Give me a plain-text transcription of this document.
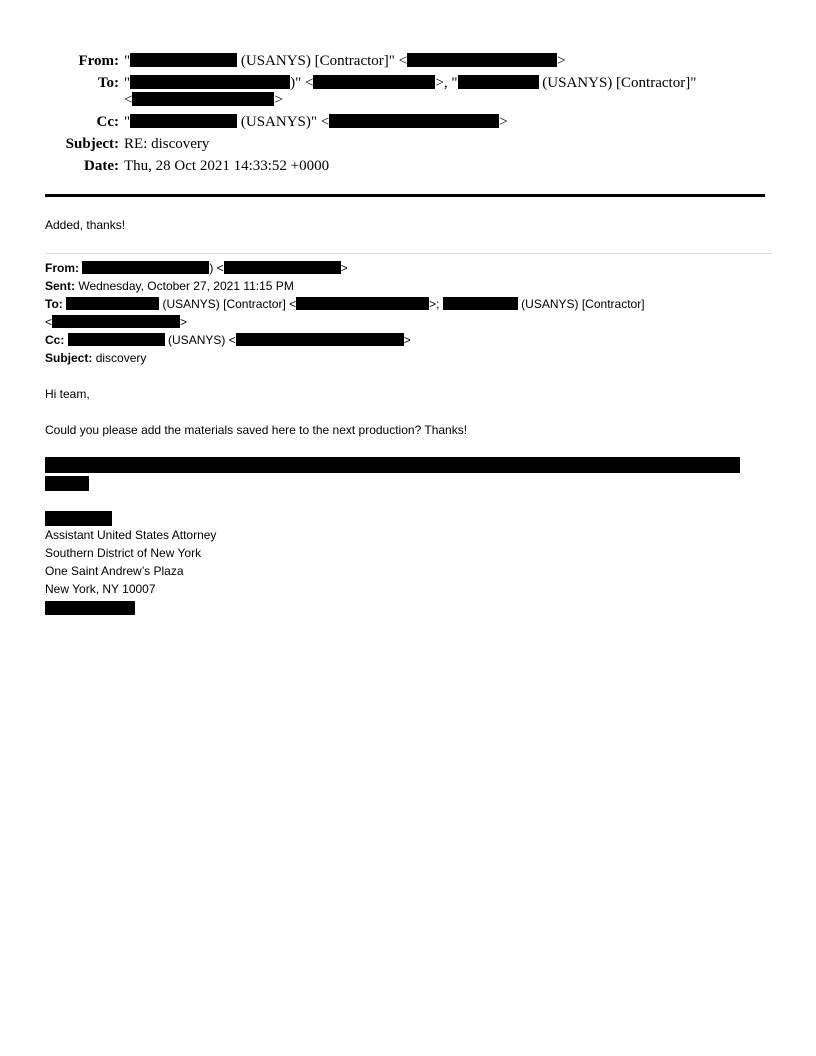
From: "	(USANYS) [Contractor]" <	>
To: "	)" <	>, "	(USANYS) [Contractor]"
<	>
Cc: "	(USANYS)" <	>
Subject: RE: discovery
Date: Thu, 28 Oct 2021 14:33:52 +0000
Added, thanks!
From:	) <	>
Sent: Wednesday, October 27, 2021 11:15 PM
To:	(USANYS) [Contractor] <	>;	(USANYS) [Contractor]
<	>
Cc:	(USANYS) <	>
Subject: discovery
Hi team,
Could you please add the materials saved here to the next production? Thanks!
Assistant United States Attorney
Southern District of New York
One Saint Andrew’s Plaza
New York, NY 10007
